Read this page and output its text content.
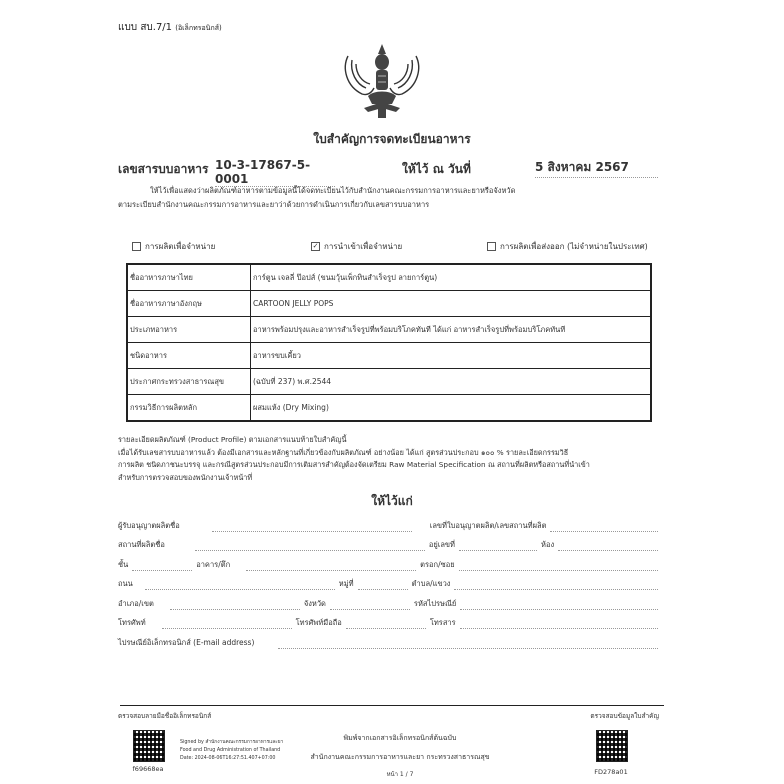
แบบ สบ.7/1 (อิเล็กทรอนิกส์)
ใบสำคัญการจดทะเบียนอาหาร
เลขสารบบอาหาร 10-3-17867-5-0001
ให้ไว้ ณ วันที่	5 สิงหาคม 2567
ให้ไว้เพื่อแสดงว่าผลิตภัณฑ์อาหารตามข้อมูลนี้ได้จดทะเบียนไว้กับสำนักงานคณะกรรมการอาหารและยาหรือจังหวัด
ตามระเบียบสำนักงานคณะกรรมการอาหารและยาว่าด้วยการดำเนินการเกี่ยวกับเลขสารบบอาหาร
การผลิตเพื่อจำหน่าย	✓ การนำเข้าเพื่อจำหน่าย	การผลิตเพื่อส่งออก (ไม่จำหน่ายในประเทศ)
ชื่ออาหารภาษาไทย	การ์ตูน เจลลี่ ป๊อปส์ (ขนมวุ้นเพ็กทินสำเร็จรูป ลายการ์ตูน)
ชื่ออาหารภาษาอังกฤษ	CARTOON JELLY POPS
ประเภทอาหาร	อาหารพร้อมปรุงและอาหารสำเร็จรูปที่พร้อมบริโภคทันที ได้แก่ อาหารสำเร็จรูปที่พร้อมบริโภคทันที
ชนิดอาหาร	อาหารขบเคี้ยว
ประกาศกระทรวงสาธารณสุข	(ฉบับที่ 237) พ.ศ.2544
กรรมวิธีการผลิตหลัก	ผสมแห้ง (Dry Mixing)
รายละเอียดผลิตภัณฑ์ (Product Profile) ตามเอกสารแนบท้ายใบสำคัญนี้
เมื่อได้รับเลขสารบบอาหารแล้ว ต้องมีเอกสารและหลักฐานที่เกี่ยวข้องกับผลิตภัณฑ์ อย่างน้อย ได้แก่ สูตรส่วนประกอบ ๑๐๐ % รายละเอียดกรรมวิธี
การผลิต ชนิดภาชนะบรรจุ และกรณีสูตรส่วนประกอบมีการเติมสารสำคัญต้องจัดเตรียม Raw Material Specification ณ สถานที่ผลิตหรือสถานที่นำเข้า
สำหรับการตรวจสอบของพนักงานเจ้าหน้าที่
ให้ไว้แก่
ผู้รับอนุญาตผลิตชื่อ	เลขที่ใบอนุญาตผลิต/เลขสถานที่ผลิต
สถานที่ผลิตชื่อ	อยู่เลขที่	ห้อง
ชั้น	อาคาร/ตึก	ตรอก/ซอย
ถนน	หมู่ที่	ตำบล/แขวง
อำเภอ/เขต	จังหวัด	รหัสไปรษณีย์
โทรศัพท์	โทรศัพท์มือถือ	โทรสาร
ไปรษณีย์อิเล็กทรอนิกส์ (E-mail address)
ตรวจสอบลายมือชื่ออิเล็กทรอนิกส์	ตรวจสอบข้อมูลใบสำคัญ
f69668ea
Signed by สำนักงานคณะกรรมการอาหารและยา
Food and Drug Administration of Thailand
Date: 2024-08-06T16:27:51.407+07:00
พิมพ์จากเอกสารอิเล็กทรอนิกส์ต้นฉบับ
สำนักงานคณะกรรมการอาหารและยา กระทรวงสาธารณสุข
หน้า 1 / 7	FD278a01
